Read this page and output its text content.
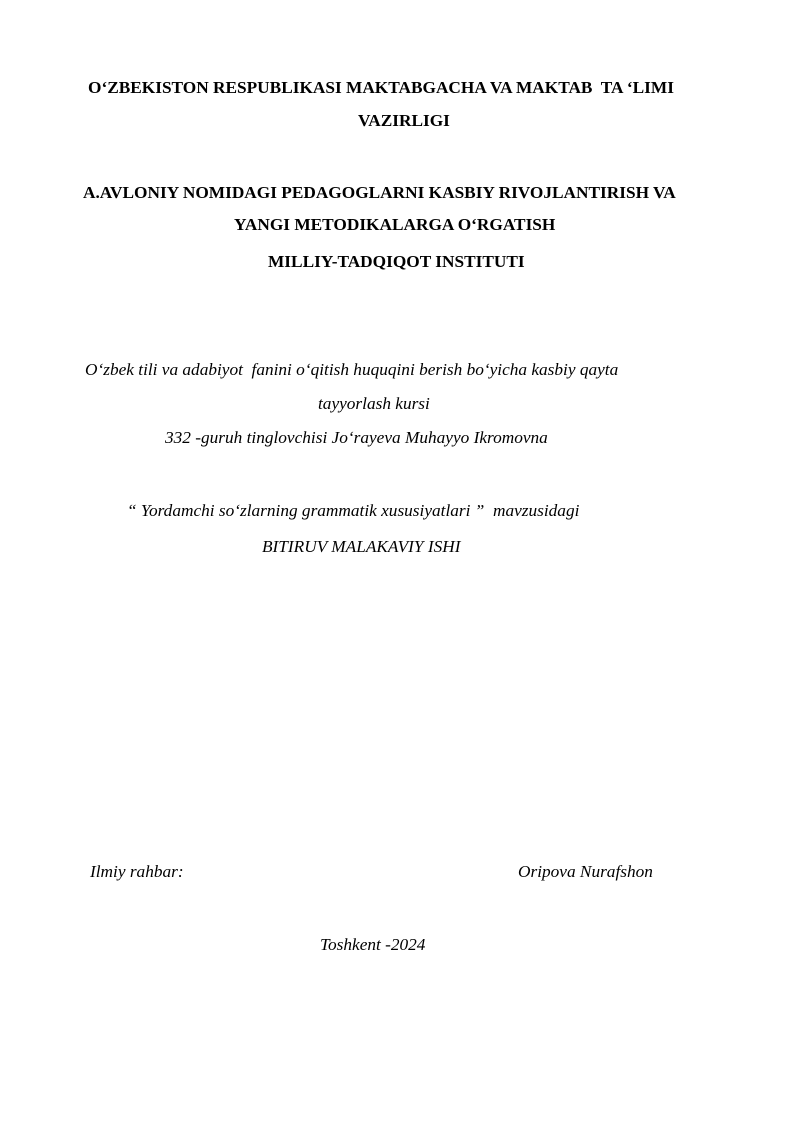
O‘ZBEKISTON RESPUBLIKASI MAKTABGACHA VA MAKTAB  TA ‘LIMI
VAZIRLIGI
A.AVLONIY NOMIDAGI PEDAGOGLARNI KASBIY RIVOJLANTIRISH VA
YANGI METODIKALARGA O‘RGATISH
MILLIY-TADQIQOT INSTITUTI
O‘zbek tili va adabiyot  fanini o‘qitish huquqini berish bo‘yicha kasbiy qayta
tayyorlash kursi
332 -guruh tinglovchisi Jo‘rayeva Muhayyo Ikromovna
“ Yordamchi so‘zlarning grammatik xususiyatlari ”  mavzusidagi
BITIRUV MALAKAVIY ISHI
Ilmiy rahbar:	Oripova Nurafshon
Toshkent -2024
